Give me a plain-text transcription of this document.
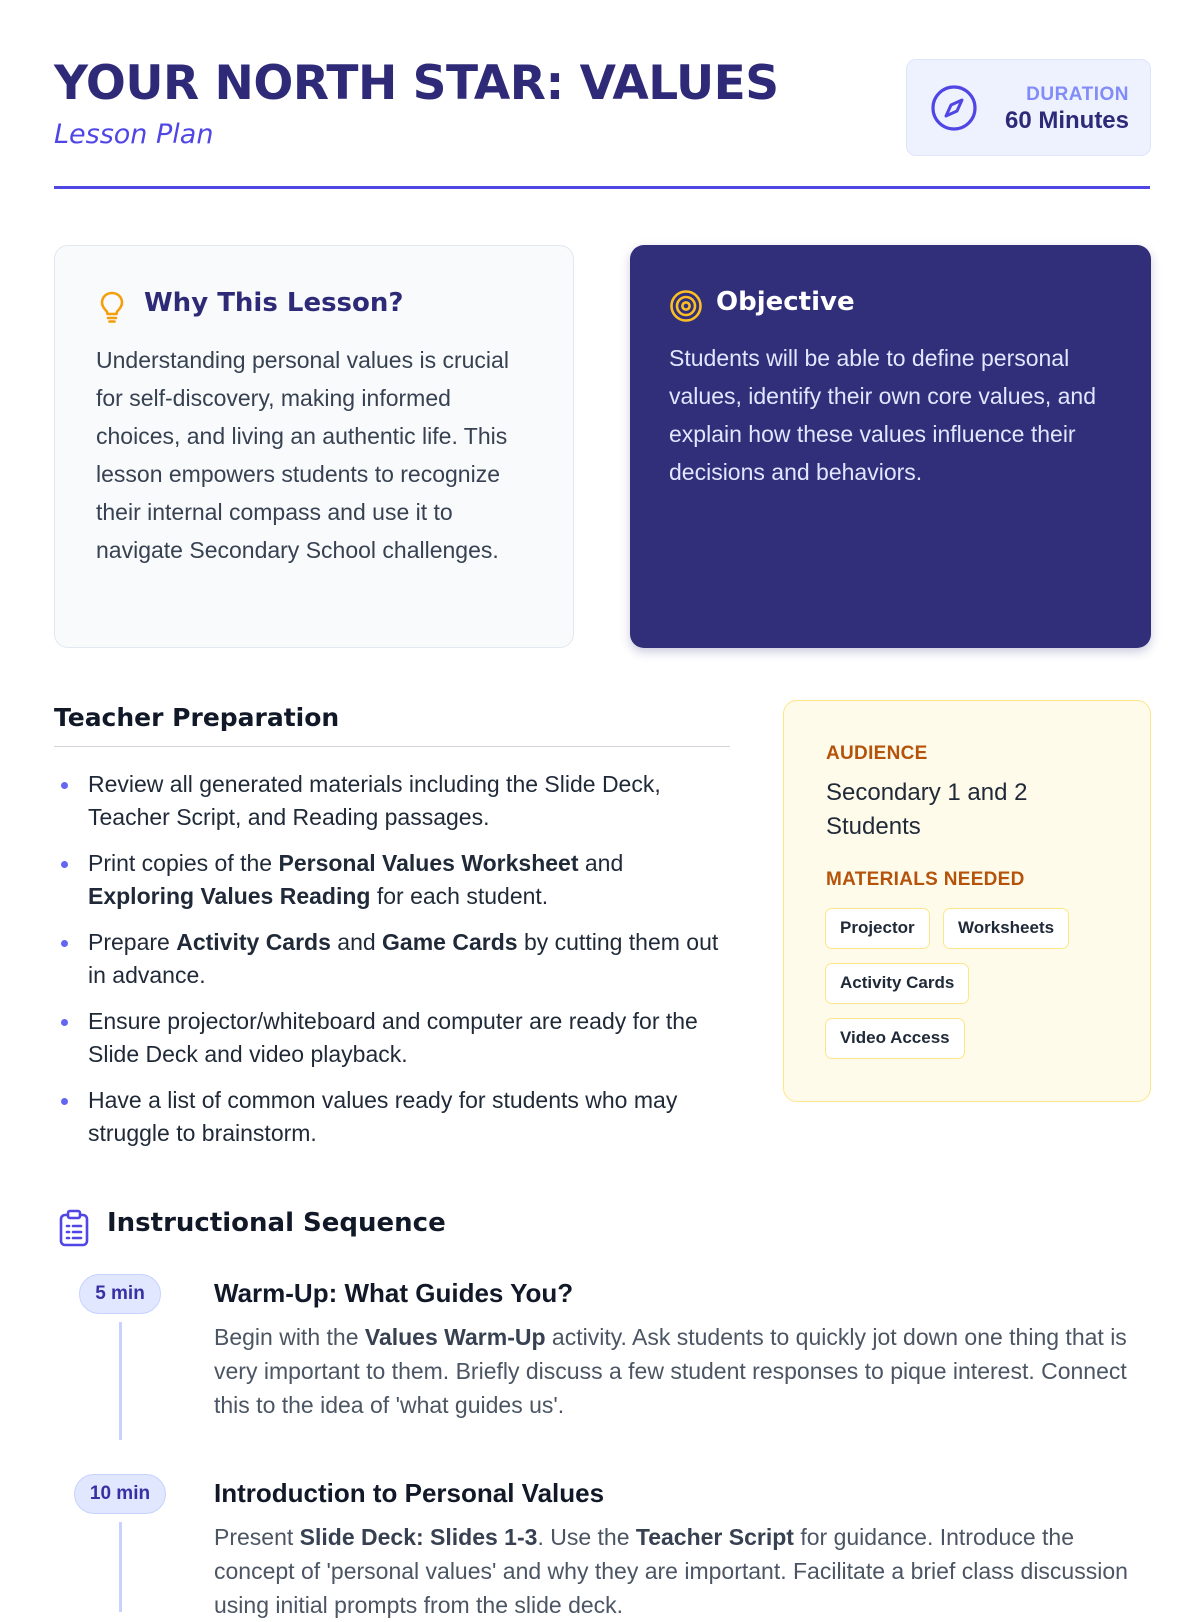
YOUR NORTH STAR: VALUES
Lesson Plan
DURATION
60 Minutes
Why This Lesson?
Understanding personal values is crucial for self-discovery, making informed choices, and living an authentic life. This lesson empowers students to recognize their internal compass and use it to navigate Secondary School challenges.
Objective
Students will be able to define personal values, identify their own core values, and explain how these values influence their decisions and behaviors.
Teacher Preparation
Review all generated materials including the Slide Deck, Teacher Script, and Reading passages.
Print copies of the Personal Values Worksheet and Exploring Values Reading for each student.
Prepare Activity Cards and Game Cards by cutting them out in advance.
Ensure projector/whiteboard and computer are ready for the Slide Deck and video playback.
Have a list of common values ready for students who may struggle to brainstorm.
AUDIENCE
Secondary 1 and 2 Students
MATERIALS NEEDED
Projector	Worksheets
Activity Cards
Video Access
Instructional Sequence
5 min	Warm-Up: What Guides You?
Begin with the Values Warm-Up activity. Ask students to quickly jot down one thing that is very important to them. Briefly discuss a few student responses to pique interest. Connect this to the idea of 'what guides us'.
10 min	Introduction to Personal Values
Present Slide Deck: Slides 1-3. Use the Teacher Script for guidance. Introduce the concept of 'personal values' and why they are important. Facilitate a brief class discussion using initial prompts from the slide deck.
